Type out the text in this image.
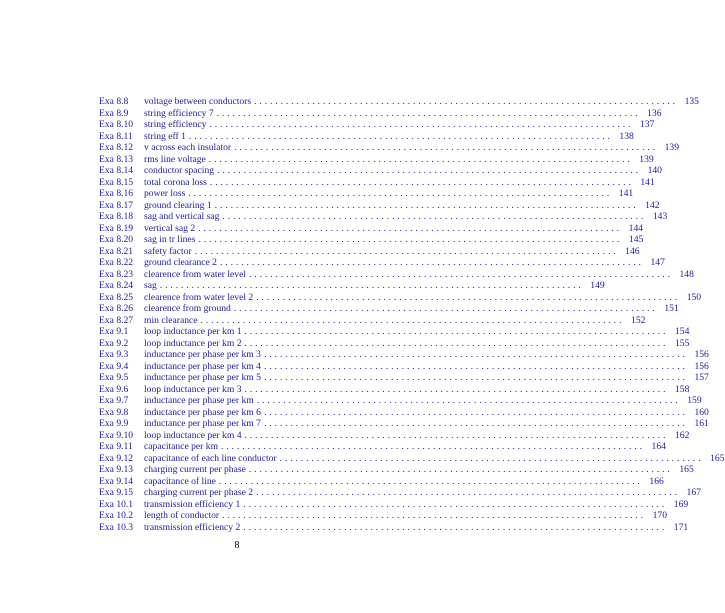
Exa 8.8	voltage between conductors ................................................................................ 135
Exa 8.9	string efficiency 7 ................................................................................ 136
Exa 8.10	string efficiency ................................................................................ 137
Exa 8.11	string eff 1 ................................................................................ 138
Exa 8.12	v across each insulator ................................................................................ 139
Exa 8.13	rms line voltage ................................................................................ 139
Exa 8.14	conductor spacing ................................................................................ 140
Exa 8.15	total corona loss ................................................................................ 141
Exa 8.16	power loss ................................................................................ 141
Exa 8.17	ground clearing 1 ................................................................................ 142
Exa 8.18	sag and vertical sag ................................................................................ 143
Exa 8.19	vertical sag 2 ................................................................................ 144
Exa 8.20	sag in tr lines ................................................................................ 145
Exa 8.21	safety factor ................................................................................ 146
Exa 8.22	ground clearance 2 ................................................................................ 147
Exa 8.23	clearence from water level ................................................................................ 148
Exa 8.24	sag ................................................................................ 149
Exa 8.25	clearence from water level 2 ................................................................................ 150
Exa 8.26	clearence from ground ................................................................................ 151
Exa 8.27	min clearance ................................................................................ 152
Exa 9.1	loop inductance per km 1 ................................................................................ 154
Exa 9.2	loop inductance per km 2 ................................................................................ 155
Exa 9.3	inductance per phase per km 3 ................................................................................ 156
Exa 9.4	inductance per phase per km 4 ................................................................................ 156
Exa 9.5	inductance per phase per km 5 ................................................................................ 157
Exa 9.6	loop inductance per km 3 ................................................................................ 158
Exa 9.7	inductance per phase per km ................................................................................ 159
Exa 9.8	inductance per phase per km 6 ................................................................................ 160
Exa 9.9	inductance per phase per km 7 ................................................................................ 161
Exa 9.10	loop inductance per km 4 ................................................................................ 162
Exa 9.11	capacitance per km ................................................................................ 164
Exa 9.12	capacitance of each line conductor ................................................................................ 165
Exa 9.13	charging current per phase ................................................................................ 165
Exa 9.14	capacitance of line ................................................................................ 166
Exa 9.15	charging current per phase 2 ................................................................................ 167
Exa 10.1	transmission efficiency 1 ................................................................................ 169
Exa 10.2	length of conductor ................................................................................ 170
Exa 10.3	transmission efficiency 2 ................................................................................ 171
8
